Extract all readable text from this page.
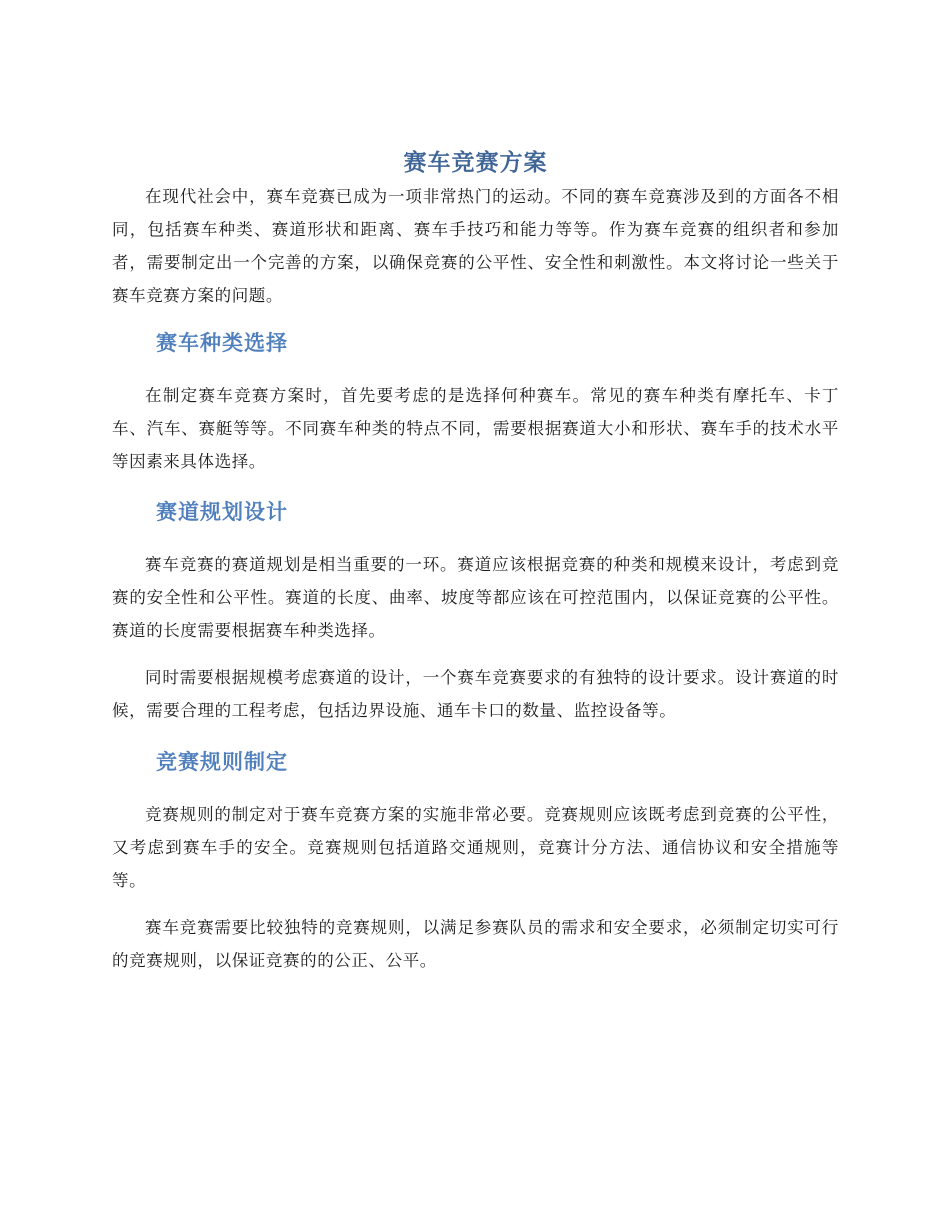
赛车竞赛方案

在现代社会中，赛车竞赛已成为一项非常热门的运动。不同的赛车竞赛涉及到的方面各不相同，包括赛车种类、赛道形状和距离、赛车手技巧和能力等等。作为赛车竞赛的组织者和参加者，需要制定出一个完善的方案，以确保竞赛的公平性、安全性和刺激性。本文将讨论一些关于赛车竞赛方案的问题。

赛车种类选择

在制定赛车竞赛方案时，首先要考虑的是选择何种赛车。常见的赛车种类有摩托车、卡丁车、汽车、赛艇等等。不同赛车种类的特点不同，需要根据赛道大小和形状、赛车手的技术水平等因素来具体选择。

赛道规划设计

赛车竞赛的赛道规划是相当重要的一环。赛道应该根据竞赛的种类和规模来设计，考虑到竞赛的安全性和公平性。赛道的长度、曲率、坡度等都应该在可控范围内，以保证竞赛的公平性。赛道的长度需要根据赛车种类选择。

同时需要根据规模考虑赛道的设计，一个赛车竞赛要求的有独特的设计要求。设计赛道的时候，需要合理的工程考虑，包括边界设施、通车卡口的数量、监控设备等。

竞赛规则制定

竞赛规则的制定对于赛车竞赛方案的实施非常必要。竞赛规则应该既考虑到竞赛的公平性，又考虑到赛车手的安全。竞赛规则包括道路交通规则，竞赛计分方法、通信协议和安全措施等等。

赛车竞赛需要比较独特的竞赛规则，以满足参赛队员的需求和安全要求，必须制定切实可行的竞赛规则，以保证竞赛的的公正、公平。
